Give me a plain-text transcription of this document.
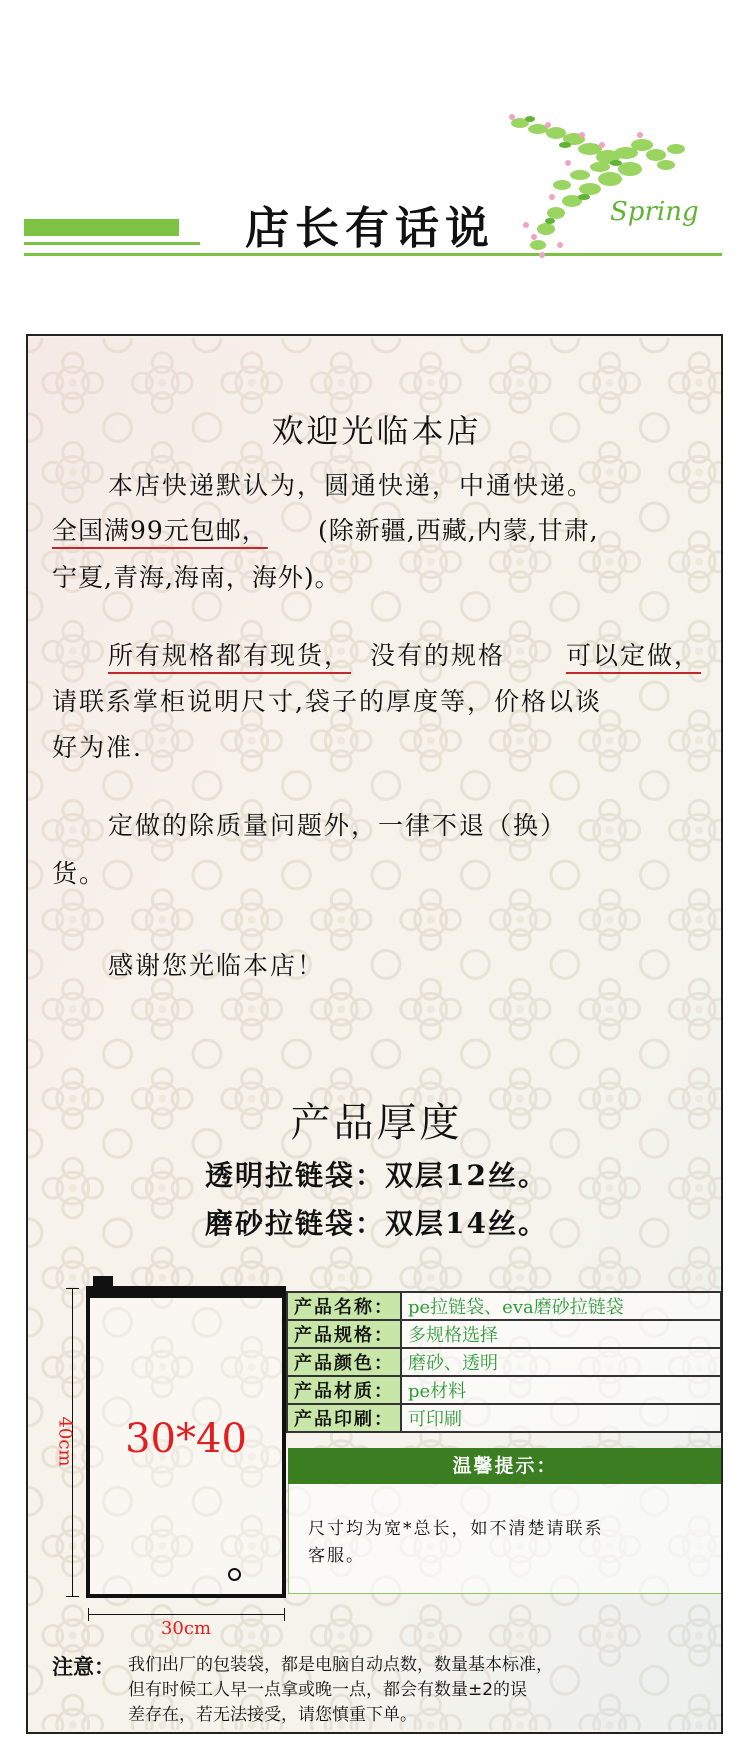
店长有话说	Spring
欢迎光临本店
本店快递默认为，圆通快递，中通快递。
全国满99元包邮， (除新疆,西藏,内蒙,甘肃,
宁夏,青海,海南，海外)。
所有规格都有现货， 没有的规格 可以定做，
请联系掌柜说明尺寸,袋子的厚度等，价格以谈
好为准.
定做的除质量问题外，一律不退（换）
货。
感谢您光临本店！
产品厚度
透明拉链袋：双层12丝。
磨砂拉链袋：双层14丝。
30*40
40cm
30cm
产品名称：	pe拉链袋、eva磨砂拉链袋
产品规格：	多规格选择
产品颜色：	磨砂、透明
产品材质：	pe材料
产品印刷：	可印刷
温馨提示：
尺寸均为宽*总长，如不清楚请联系
客服。
注意： 我们出厂的包装袋，都是电脑自动点数，数量基本标准，
但有时候工人早一点拿或晚一点，都会有数量±2的误
差存在，若无法接受，请您慎重下单。
